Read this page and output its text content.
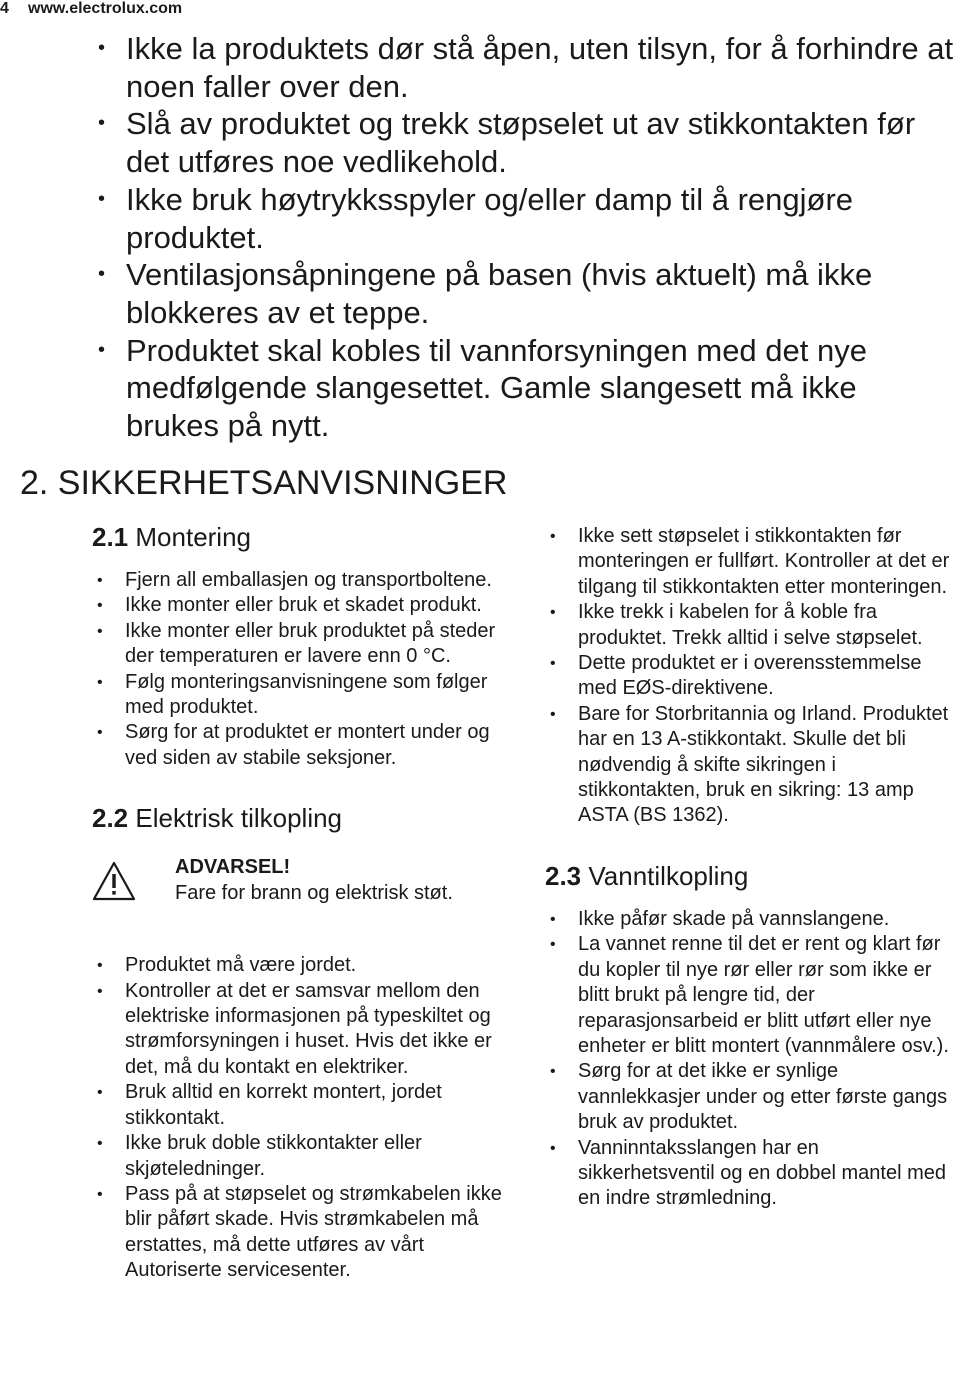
4 www.electrolux.com
• Ikke la produktets dør stå åpen, uten tilsyn, for å forhindre at noen faller over den.
• Slå av produktet og trekk støpselet ut av stikkontakten før det utføres noe vedlikehold.
• Ikke bruk høytrykksspyler og/eller damp til å rengjøre produktet.
• Ventilasjonsåpningene på basen (hvis aktuelt) må ikke blokkeres av et teppe.
• Produktet skal kobles til vannforsyningen med det nye medfølgende slangesettet. Gamle slangesett må ikke brukes på nytt.
2. SIKKERHETSANVISNINGER
2.1 Montering
• Fjern all emballasjen og transportboltene.
• Ikke monter eller bruk et skadet produkt.
• Ikke monter eller bruk produktet på steder der temperaturen er lavere enn 0 °C.
• Følg monteringsanvisningene som følger med produktet.
• Sørg for at produktet er montert under og ved siden av stabile seksjoner.
2.2 Elektrisk tilkopling
ADVARSEL!
Fare for brann og elektrisk støt.
• Produktet må være jordet.
• Kontroller at det er samsvar mellom den elektriske informasjonen på typeskiltet og strømforsyningen i huset. Hvis det ikke er det, må du kontakt en elektriker.
• Bruk alltid en korrekt montert, jordet stikkontakt.
• Ikke bruk doble stikkontakter eller skjøteledninger.
• Pass på at støpselet og strømkabelen ikke blir påført skade. Hvis strømkabelen må erstattes, må dette utføres av vårt Autoriserte servicesenter.
• Ikke sett støpselet i stikkontakten før monteringen er fullført. Kontroller at det er tilgang til stikkontakten etter monteringen.
• Ikke trekk i kabelen for å koble fra produktet. Trekk alltid i selve støpselet.
• Dette produktet er i overensstemmelse med EØS-direktivene.
• Bare for Storbritannia og Irland. Produktet har en 13 A-stikkontakt. Skulle det bli nødvendig å skifte sikringen i stikkontakten, bruk en sikring: 13 amp ASTA (BS 1362).
2.3 Vanntilkopling
• Ikke påfør skade på vannslangene.
• La vannet renne til det er rent og klart før du kopler til nye rør eller rør som ikke er blitt brukt på lengre tid, der reparasjonsarbeid er blitt utført eller nye enheter er blitt montert (vannmålere osv.).
• Sørg for at det ikke er synlige vannlekkasjer under og etter første gangs bruk av produktet.
• Vanninntaksslangen har en sikkerhetsventil og en dobbel mantel med en indre strømledning.
